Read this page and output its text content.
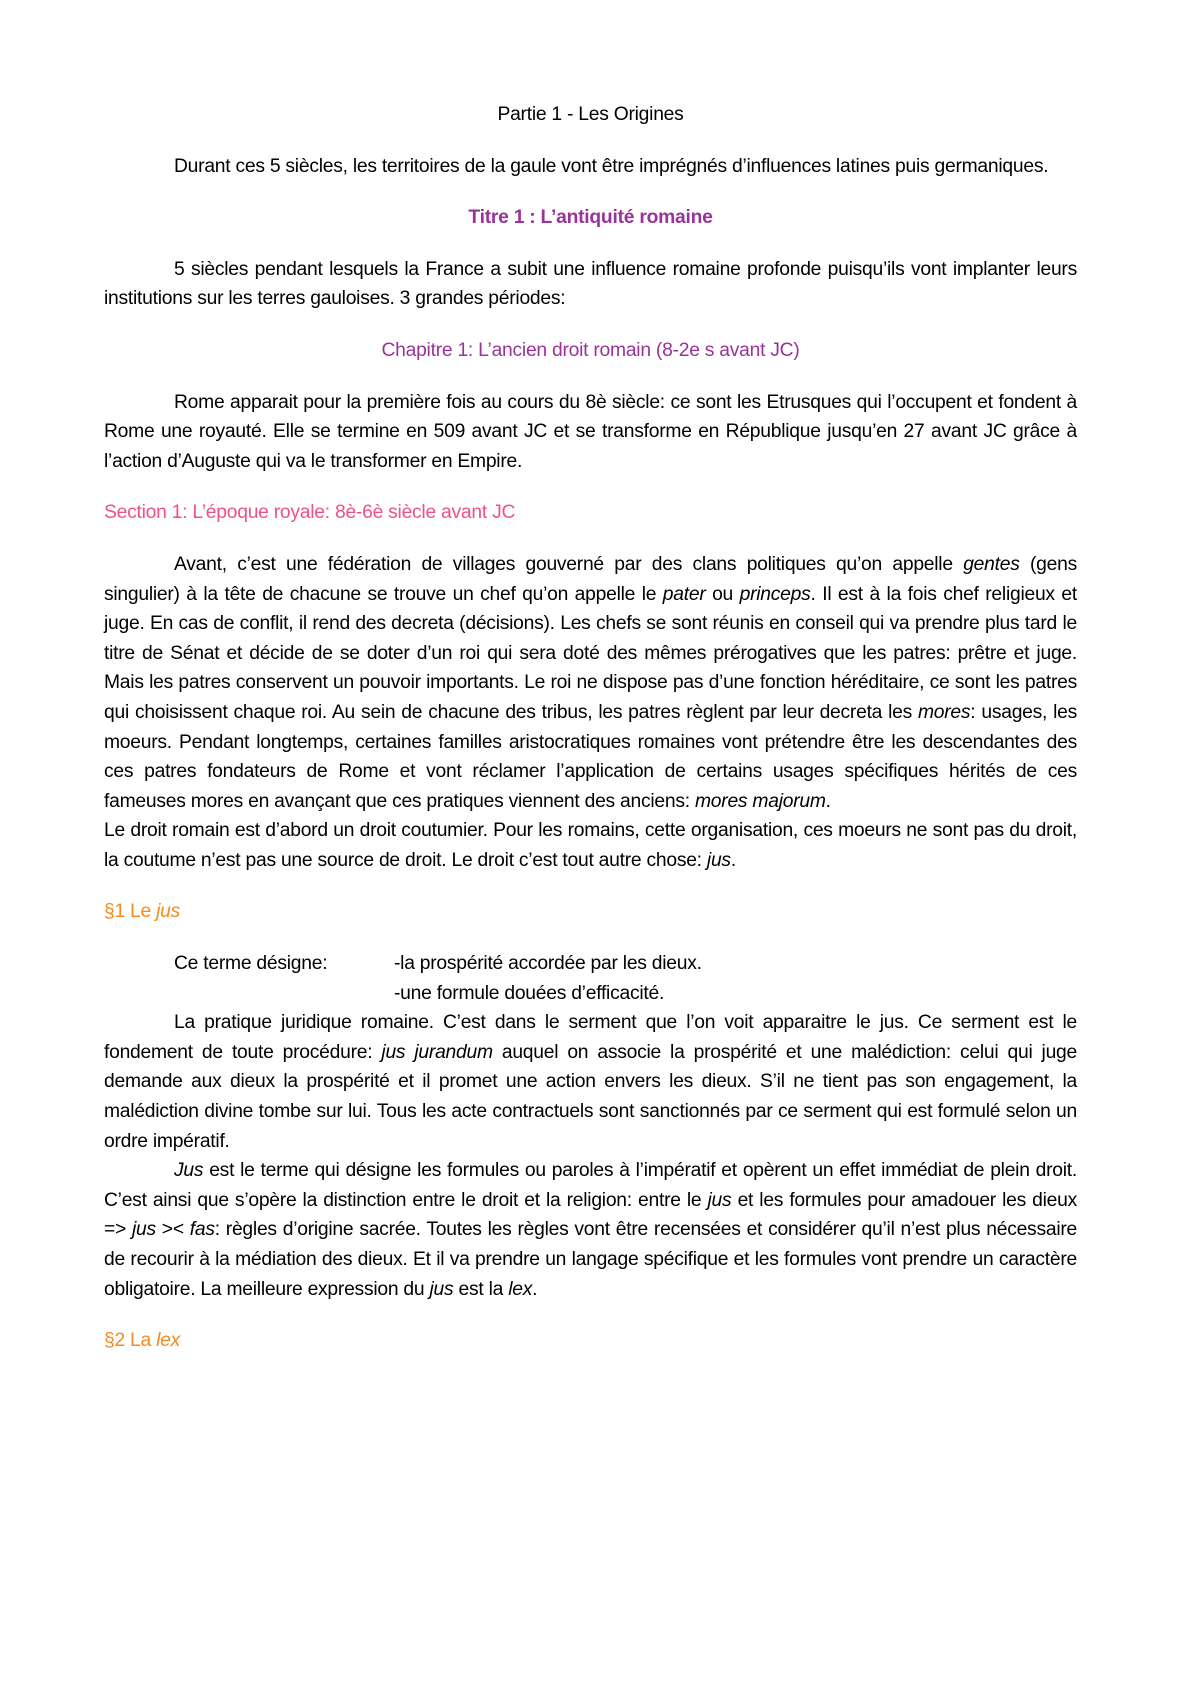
Partie 1 - Les Origines

Durant ces 5 siècles, les territoires de la gaule vont être imprégnés d’influences latines puis germaniques.

Titre 1 : L’antiquité romaine

5 siècles pendant lesquels la France a subit une influence romaine profonde puisqu’ils vont implanter leurs institutions sur les terres gauloises. 3 grandes périodes:

Chapitre 1: L’ancien droit romain (8-2e s avant JC)

Rome apparait pour la première fois au cours du 8è siècle: ce sont les Etrusques qui l’occupent et fondent à Rome une royauté. Elle se termine en 509 avant JC et se transforme en République jusqu’en 27 avant JC grâce à l’action d’Auguste qui va le transformer en Empire.

Section 1: L’époque royale: 8è-6è siècle avant JC

Avant, c’est une fédération de villages gouverné par des clans politiques qu’on appelle gentes (gens singulier) à la tête de chacune se trouve un chef qu’on appelle le pater ou princeps. Il est à la fois chef religieux et juge. En cas de conflit, il rend des decreta (décisions). Les chefs se sont réunis en conseil qui va prendre plus tard le titre de Sénat et décide de se doter d’un roi qui sera doté des mêmes prérogatives que les patres: prêtre et juge. Mais les patres conservent un pouvoir importants. Le roi ne dispose pas d’une fonction héréditaire, ce sont les patres qui choisissent chaque roi. Au sein de chacune des tribus, les patres règlent par leur decreta les mores: usages, les moeurs. Pendant longtemps, certaines familles aristocratiques romaines vont prétendre être les descendantes des ces patres fondateurs de Rome et vont réclamer l’application de certains usages spécifiques hérités de ces fameuses mores en avançant que ces pratiques viennent des anciens: mores majorum.

Le droit romain est d’abord un droit coutumier. Pour les romains, cette organisation, ces moeurs ne sont pas du droit, la coutume n’est pas une source de droit. Le droit c’est tout autre chose: jus.

§1 Le jus

Ce terme désigne:	-la prospérité accordée par les dieux.
-une formule douées d’efficacité.

La pratique juridique romaine. C’est dans le serment que l’on voit apparaitre le jus. Ce serment est le fondement de toute procédure: jus jurandum auquel on associe la prospérité et une malédiction: celui qui juge demande aux dieux la prospérité et il promet une action envers les dieux. S’il ne tient pas son engagement, la malédiction divine tombe sur lui. Tous les acte contractuels sont sanctionnés par ce serment qui est formulé selon un ordre impératif.

Jus est le terme qui désigne les formules ou paroles à l’impératif et opèrent un effet immédiat de plein droit. C’est ainsi que s’opère la distinction entre le droit et la religion: entre le jus et les formules pour amadouer les dieux => jus >< fas: règles d’origine sacrée. Toutes les règles vont être recensées et considérer qu’il n’est plus nécessaire de recourir à la médiation des dieux. Et il va prendre un langage spécifique et les formules vont prendre un caractère obligatoire. La meilleure expression du jus est la lex.

§2 La lex
